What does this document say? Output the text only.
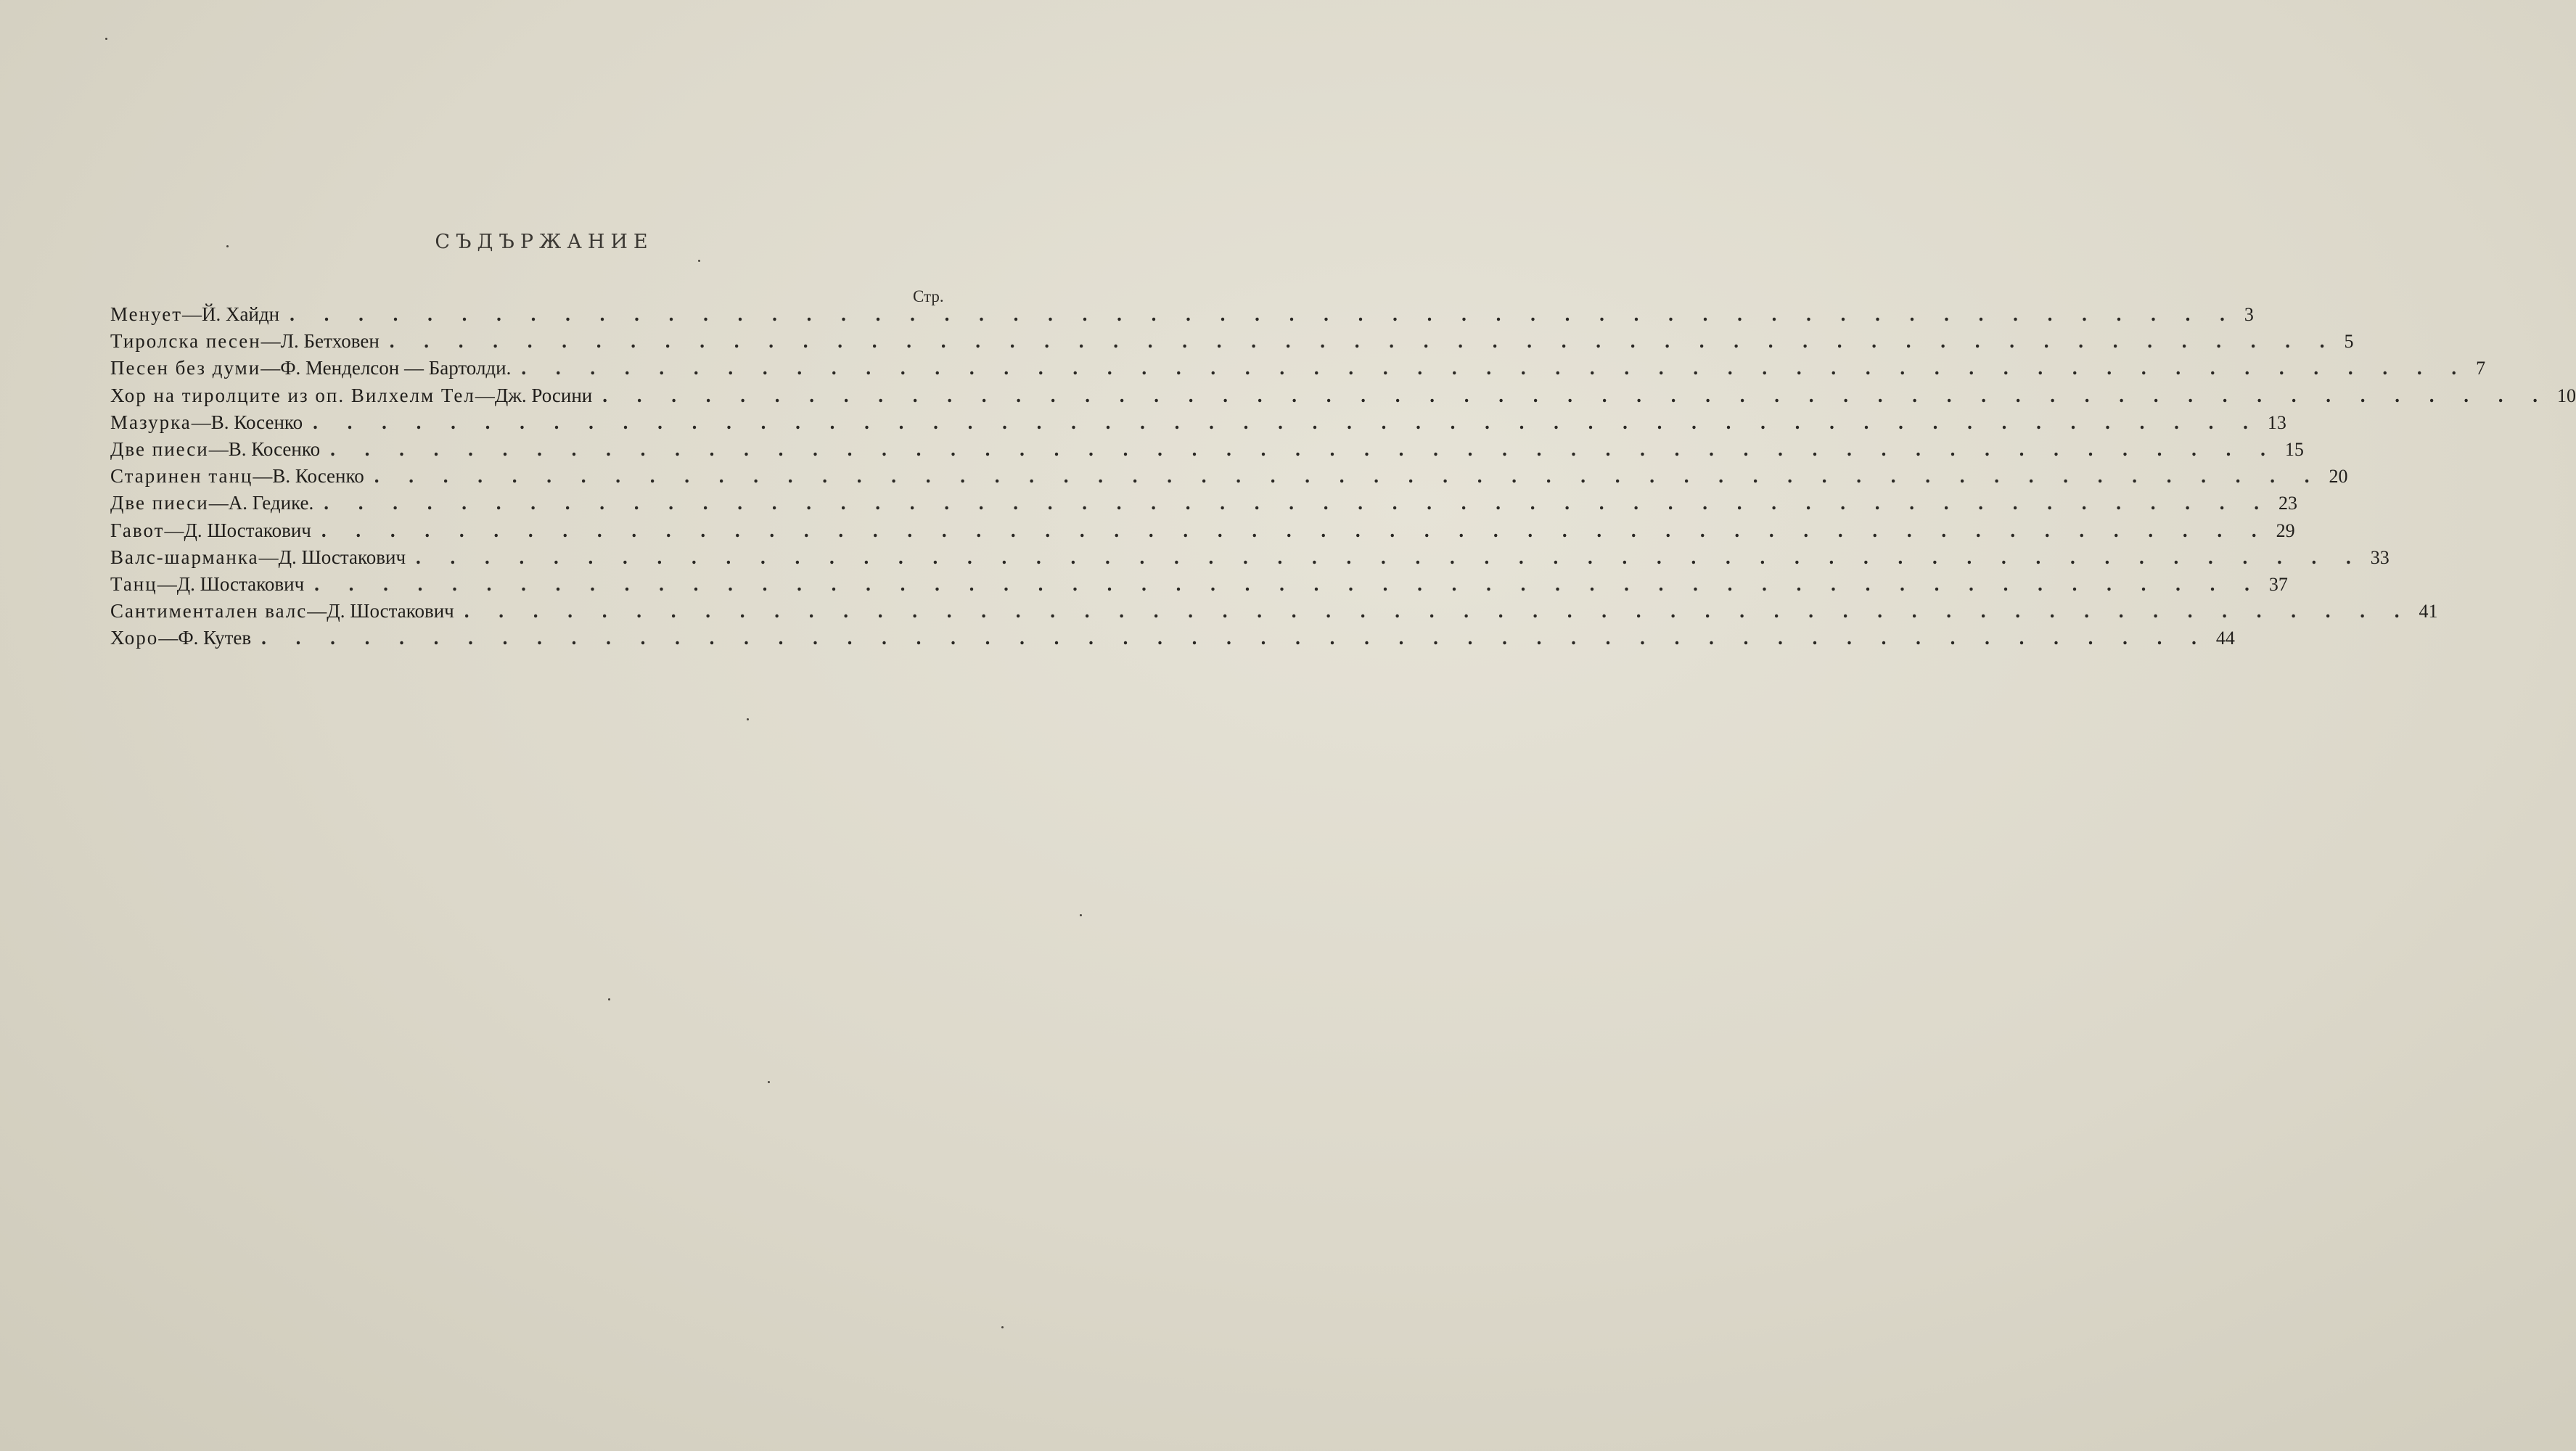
СЪДЪРЖАНИЕ
Стр.
Менует — Й. Хайдн . . . . . . . . . . . . . . . . . . . . . . . . . . . . . . . . . . . . . . . . . . . . . . . . . . . . . . . . . 3
Тиролска песен — Л. Бетховен . . . . . . . . . . . . . . . . . . . . . . . . . . . . . . . . . . . . . . . . . . . . . . . . . . . . . . . . . 5
Песен без думи — Ф. Менделсон — Бартолди. . . . . . . . . . . . . . . . . . . . . . . . . . . . . . . . . . . . . . . . . . . . . . . . . . . . . . . . . . 7
Хор на тиролците из оп. Вилхелм Тел — Дж. Росини . . . . . . . . . . . . . . . . . . . . . . . . . . . . . . . . . . . . . . . . . . . . . . . . . . . . . . . . . 10
Мазурка — В. Косенко . . . . . . . . . . . . . . . . . . . . . . . . . . . . . . . . . . . . . . . . . . . . . . . . . . . . . . . . . 13
Две пиеси — В. Косенко . . . . . . . . . . . . . . . . . . . . . . . . . . . . . . . . . . . . . . . . . . . . . . . . . . . . . . . . . 15
Старинен танц — В. Косенко . . . . . . . . . . . . . . . . . . . . . . . . . . . . . . . . . . . . . . . . . . . . . . . . . . . . . . . . . 20
Две пиеси — А. Гедике. . . . . . . . . . . . . . . . . . . . . . . . . . . . . . . . . . . . . . . . . . . . . . . . . . . . . . . . . . 23
Гавот — Д. Шостакович . . . . . . . . . . . . . . . . . . . . . . . . . . . . . . . . . . . . . . . . . . . . . . . . . . . . . . . . . 29
Валс-шарманка — Д. Шостакович . . . . . . . . . . . . . . . . . . . . . . . . . . . . . . . . . . . . . . . . . . . . . . . . . . . . . . . . . 33
Танц — Д. Шостакович . . . . . . . . . . . . . . . . . . . . . . . . . . . . . . . . . . . . . . . . . . . . . . . . . . . . . . . . . 37
Сантиментален валс — Д. Шостакович . . . . . . . . . . . . . . . . . . . . . . . . . . . . . . . . . . . . . . . . . . . . . . . . . . . . . . . . . 41
Хоро — Ф. Кутев . . . . . . . . . . . . . . . . . . . . . . . . . . . . . . . . . . . . . . . . . . . . . . . . . . . . . . . . . 44
